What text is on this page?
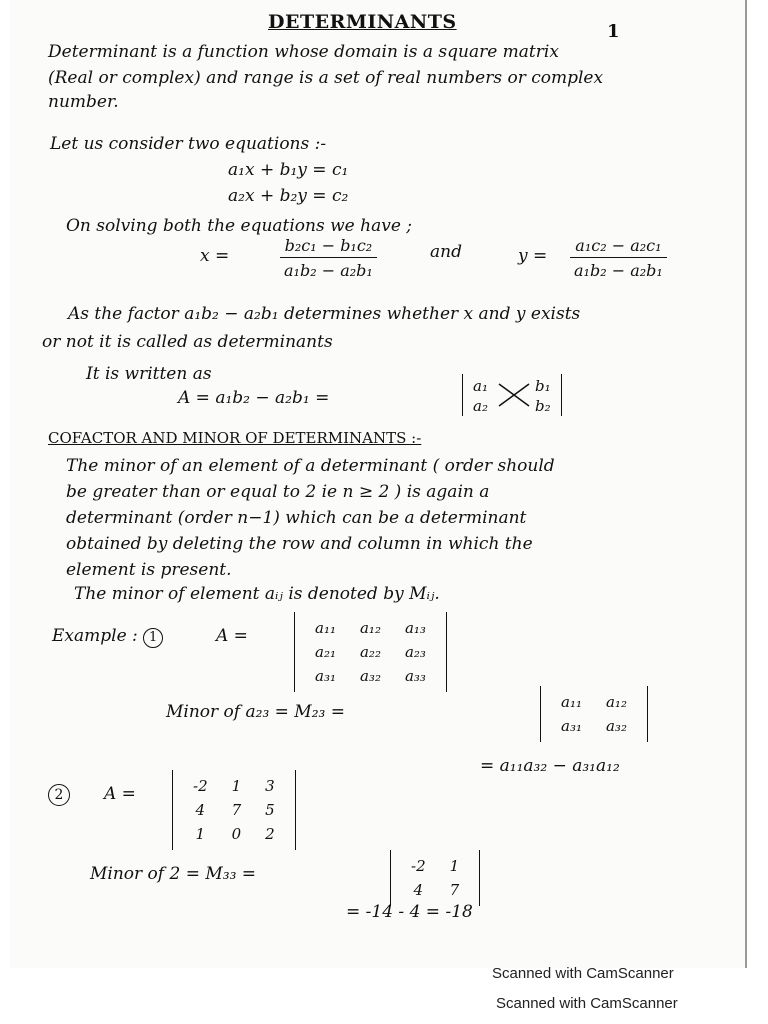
DETERMINANTS	1
Determinant is a function whose domain is a square matrix
(Real or complex) and range is a set of real numbers or complex
number.
Let us consider two equations :-
a₁x + b₁y = c₁
a₂x + b₂y = c₂
On solving both the equations we have ;
x =	$\frac{\text{b₂c₁ − b₁c₂}}{\text{a₁b₂ − a₂b₁}}$	and	$y = \frac{\text{a₁c₂ − a₂c₁}}{\text{a₁b₂ − a₂b₁}}$
As the factor a₁b₂ − a₂b₁ determines whether x and y exists
or not it is called as determinants
It is written as
A = a₁b₂ − a₂b₁ =
a₁	b₁
a₂	b₂
COFACTOR AND MINOR OF DETERMINANTS :-
The minor of an element of a determinant ( order should
be greater than or equal to 2 ie n ≥ 2 ) is again a
determinant (order n−1) which can be a determinant
obtained by deleting the row and column in which the
element is present.
The minor of element aᵢⱼ is denoted by Mᵢⱼ.
Example : 1	A =	a₁₁	a₁₂	a₁₃
a₂₁	a₂₂	a₂₃
a₃₁	a₃₂	a₃₃
Minor of a₂₃ = M₂₃ =	a₁₁	a₁₂
a₃₁	a₃₂
= a₁₁a₃₂ − a₃₁a₁₂
2	A =	-2	1	3
4	7	5
1	0	2
Minor of 2 = M₃₃ =	-2	1
4	7
= -14 - 4 = -18
Scanned with CamScanner
Scanned with CamScanner
